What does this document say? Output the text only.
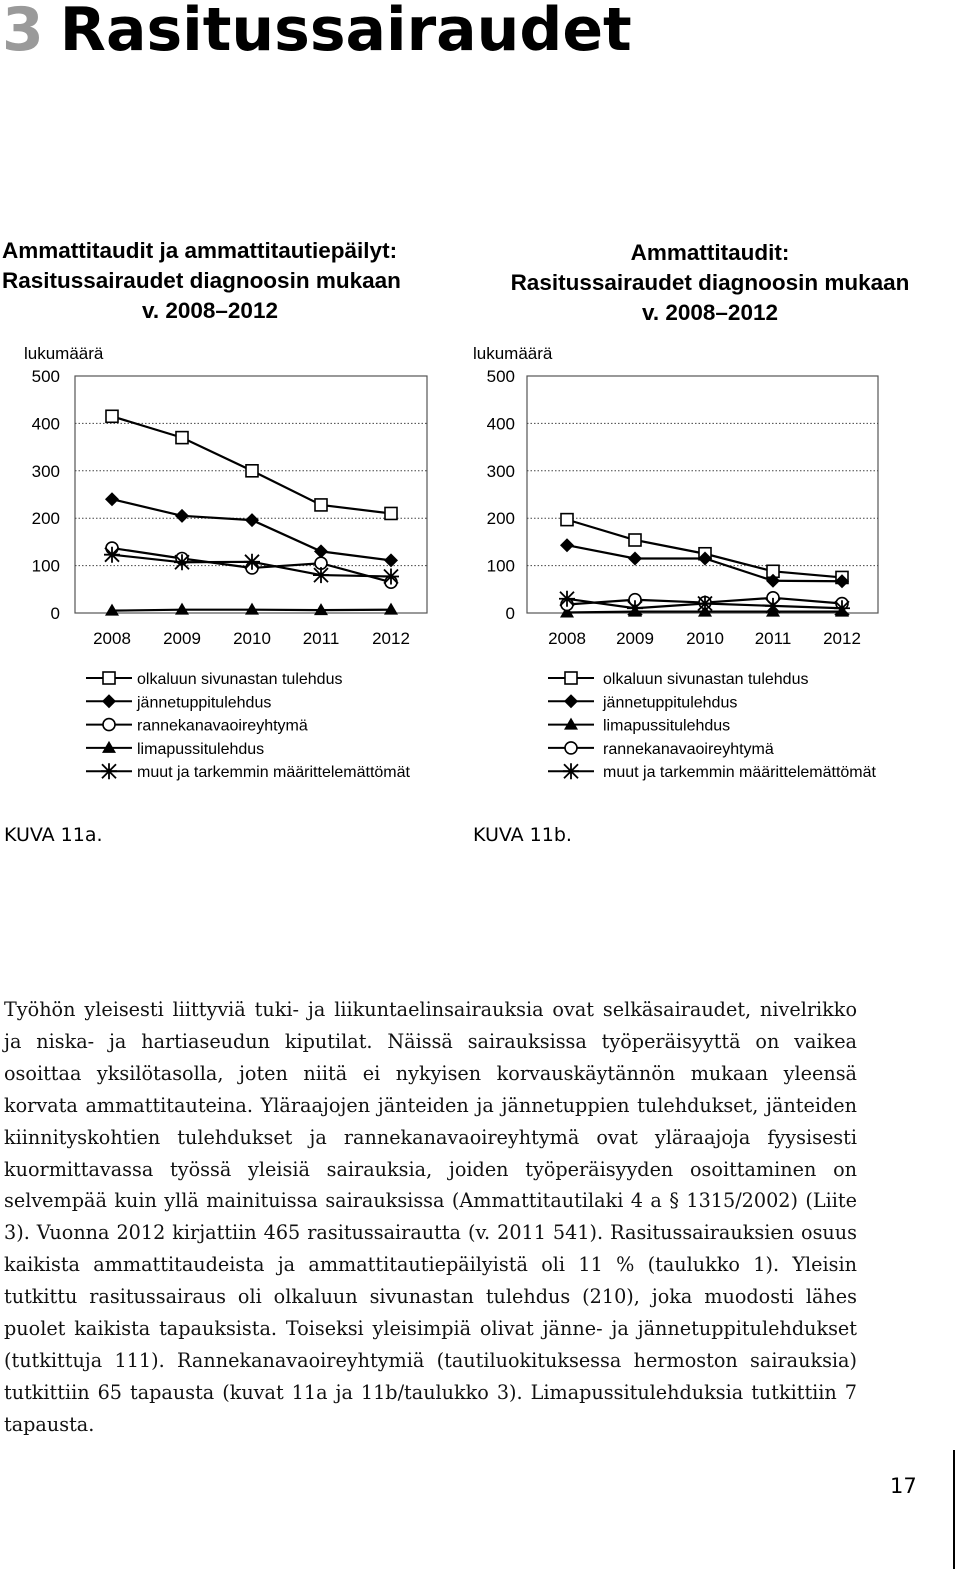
3 Rasitussairaudet
Ammattitaudit ja ammattitautiepäilyt:
Rasitussairaudet diagnoosin mukaan
v. 2008–2012
Ammattitaudit:
Rasitussairaudet diagnoosin mukaan
v. 2008–2012
lukumäärä
0
100
200
300
400
500
2008 2009 2010 2011 2012
olkaluun sivunastan tulehdus
jännetuppitulehdus
rannekanavaoireyhtymä
limapussitulehdus
muut ja tarkemmin määrittelemättömät
lukumäärä
0
100
200
300
400
500
2008 2009 2010 2011 2012
olkaluun sivunastan tulehdus
jännetuppitulehdus
limapussitulehdus
rannekanavaoireyhtymä
muut ja tarkemmin määrittelemättömät
KUVA 11a.	KUVA 11b.
Työhön yleisesti liittyviä tuki- ja liikuntaelinsairauksia ovat selkäsairaudet, nivelrikko ja niska- ja hartiaseudun kiputilat. Näissä sairauksissa työperäisyyttä on vaikea osoittaa yksilötasolla, joten niitä ei nykyisen korvauskäytännön mukaan yleensä korvata ammattitauteina. Yläraajojen jänteiden ja jännetuppien tulehdukset, jänteiden kiinnityskohtien tulehdukset ja rannekanavaoireyhtymä ovat yläraajoja fyysisesti kuormittavassa työssä yleisiä sairauksia, joiden työperäisyyden osoittaminen on selvempää kuin yllä mainituissa sairauksissa (Ammattitautilaki 4 a § 1315/2002) (Liite 3). Vuonna 2012 kirjattiin 465 rasitussairautta (v. 2011 541). Rasitussairauksien osuus kaikista ammattitaudeista ja ammattitautiepäilyistä oli 11 % (taulukko 1). Yleisin tutkittu rasitussairaus oli olkaluun sivunastan tulehdus (210), joka muodosti lähes puolet kaikista tapauksista. Toiseksi yleisimpiä olivat jänne- ja jännetuppitulehdukset (tutkittuja 111). Rannekanavaoireyhtymiä (tautiluokituksessa hermoston sairauksia) tutkittiin 65 tapausta (kuvat 11a ja 11b/taulukko 3). Limapussitulehduksia tutkittiin 7 tapausta.
17
